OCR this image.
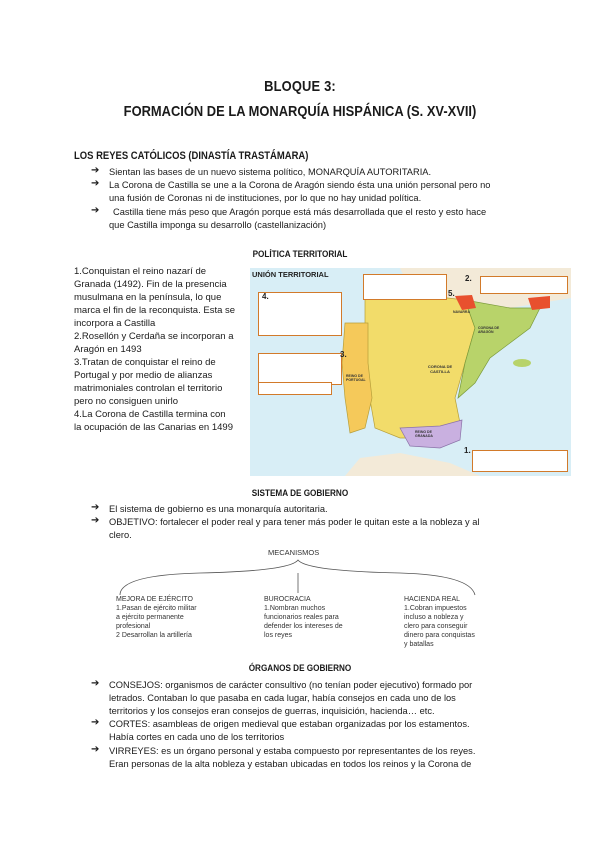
BLOQUE 3:
FORMACIÓN DE LA MONARQUÍA HISPÁNICA (S. XV-XVII)
LOS REYES CATÓLICOS (DINASTÍA TRASTÁMARA)
➔ Sientan las bases de un nuevo sistema político, MONARQUÍA AUTORITARIA.
➔ La Corona de Castilla se une a la Corona de Aragón siendo ésta una unión personal pero no
una fusión de Coronas ni de instituciones, por lo que no hay unidad política.
➔ Castilla tiene más peso que Aragón porque está más desarrollada que el resto y esto hace
que Castilla imponga su desarrollo (castellanización)
POLÍTICA TERRITORIAL
1.Conquistan el reino nazarí de
Granada (1492). Fin de la presencia
musulmana en la península, lo que
marca el fin de la reconquista. Esta se
incorpora a Castilla
2.Rosellón y Cerdaña se incorporan a
Aragón en 1493
3.Tratan de conquistar el reino de
Portugal y por medio de alianzas
matrimoniales controlan el territorio
pero no consiguen unirlo
4.La Corona de Castilla termina con
la ocupación de las Canarias en 1499
UNIÓN TERRITORIAL
3.
2.
5.
1.
4.
CORONA DE CASTILLA
REINO DE PORTUGAL
CORONA DE ARAGÓN
NAVARRA
REINO DE GRANADA
SISTEMA DE GOBIERNO
➔ El sistema de gobierno es una monarquía autoritaria.
➔ OBJETIVO: fortalecer el poder real y para tener más poder le quitan este a la nobleza y al
clero.
MECANISMOS
MEJORA DE EJÉRCITO
1.Pasan de ejército militar
a ejército permanente
profesional
2 Desarrollan la artillería
BUROCRACIA
1.Nombran muchos
funcionarios reales para
defender los intereses de
los reyes
HACIENDA REAL
1.Cobran impuestos
incluso a nobleza y
clero para conseguir
dinero para conquistas
y batallas
ÓRGANOS DE GOBIERNO
➔ CONSEJOS: organismos de carácter consultivo (no tenían poder ejecutivo) formado por
letrados. Contaban lo que pasaba en cada lugar, había consejos en cada uno de los
territorios y los consejos eran consejos de guerras, inquisición, hacienda… etc.
➔ CORTES: asambleas de origen medieval que estaban organizadas por los estamentos.
Había cortes en cada uno de los territorios
➔ VIRREYES: es un órgano personal y estaba compuesto por representantes de los reyes.
Eran personas de la alta nobleza y estaban ubicadas en todos los reinos y la Corona de
